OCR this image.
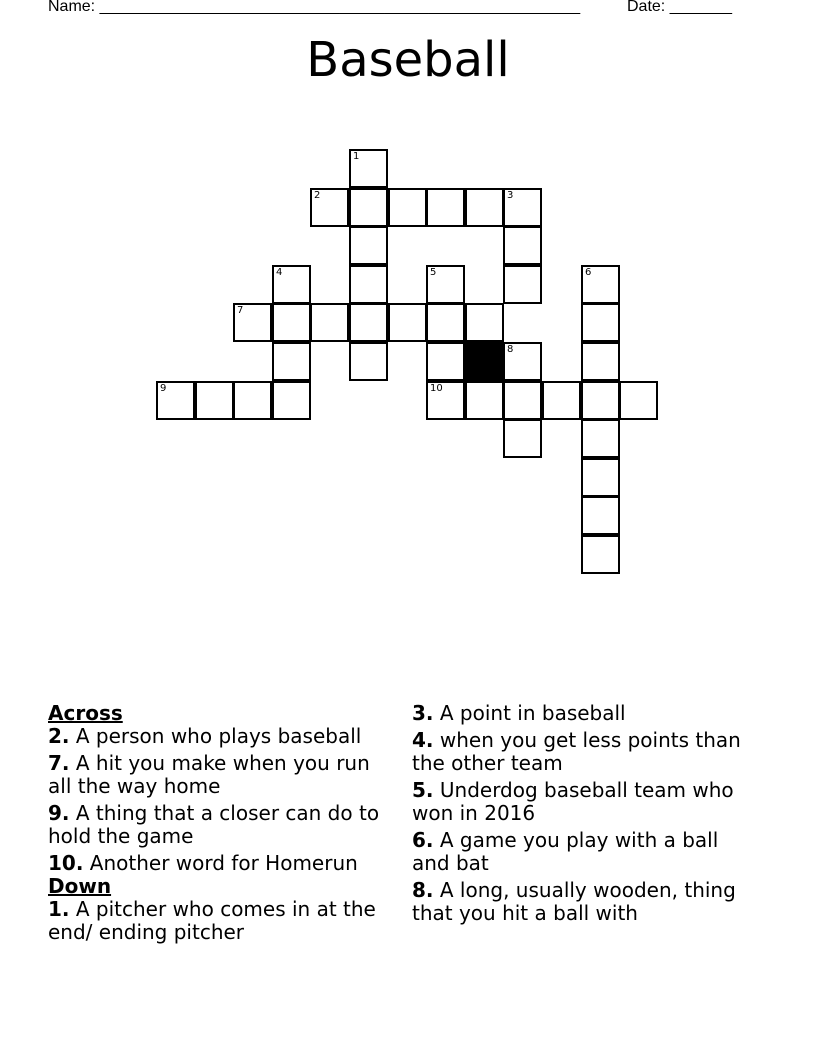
Name: ______________________________________________________	Date: _______
Baseball
1
2	3
4	5	6
7
8
9	10
Across
2. A person who plays baseball
7. A hit you make when you run all the way home
9. A thing that a closer can do to hold the game
10. Another word for Homerun
Down
1. A pitcher who comes in at the end/ ending pitcher
3. A point in baseball
4. when you get less points than the other team
5. Underdog baseball team who won in 2016
6. A game you play with a ball and bat
8. A long, usually wooden, thing that you hit a ball with
